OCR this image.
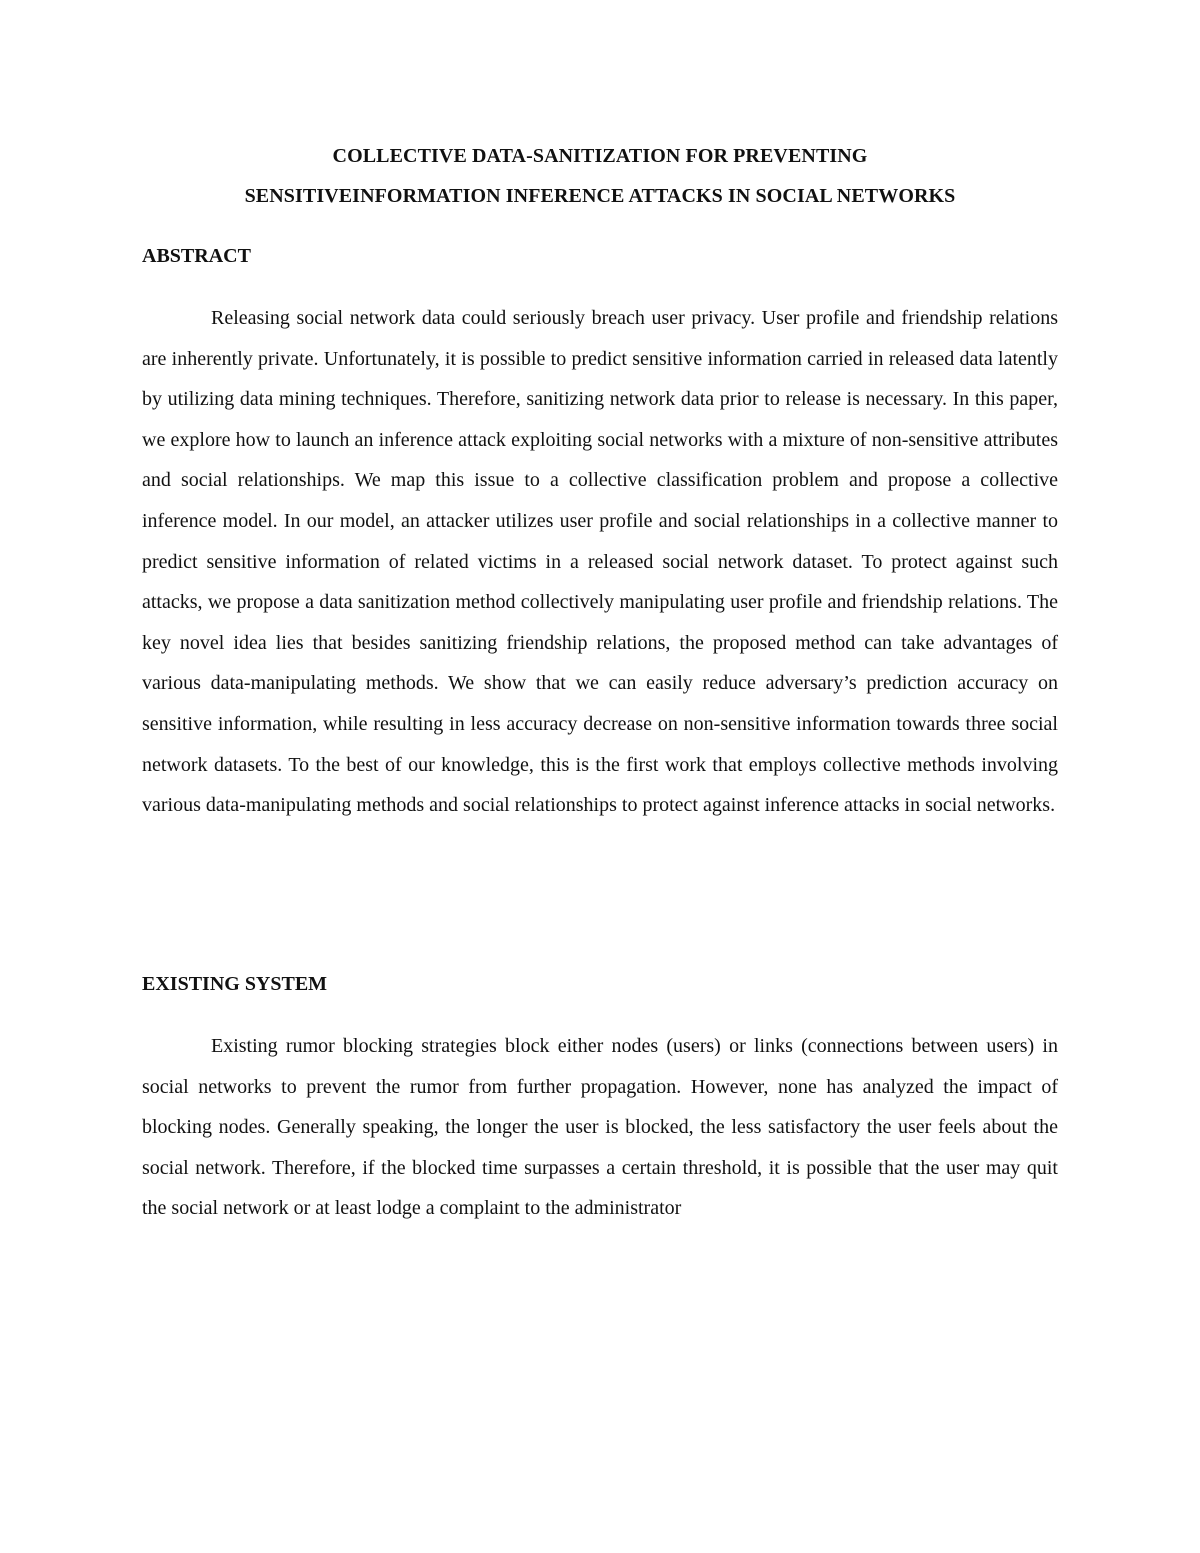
COLLECTIVE DATA-SANITIZATION FOR PREVENTING
SENSITIVEINFORMATION INFERENCE ATTACKS IN SOCIAL NETWORKS
ABSTRACT

Releasing social network data could seriously breach user privacy. User profile and friendship relations are inherently private. Unfortunately, it is possible to predict sensitive information carried in released data latently by utilizing data mining techniques. Therefore, sanitizing network data prior to release is necessary. In this paper, we explore how to launch an inference attack exploiting social networks with a mixture of non-sensitive attributes and social relationships. We map this issue to a collective classification problem and propose a collective inference model. In our model, an attacker utilizes user profile and social relationships in a collective manner to predict sensitive information of related victims in a released social network dataset. To protect against such attacks, we propose a data sanitization method collectively manipulating user profile and friendship relations. The key novel idea lies that besides sanitizing friendship relations, the proposed method can take advantages of various data-manipulating methods. We show that we can easily reduce adversary’s prediction accuracy on sensitive information, while resulting in less accuracy decrease on non-sensitive information towards three social network datasets. To the best of our knowledge, this is the first work that employs collective methods involving various data-manipulating methods and social relationships to protect against inference attacks in social networks.

EXISTING SYSTEM

Existing rumor blocking strategies block either nodes (users) or links (connections between users) in social networks to prevent the rumor from further propagation. However, none has analyzed the impact of blocking nodes. Generally speaking, the longer the user is blocked, the less satisfactory the user feels about the social network. Therefore, if the blocked time surpasses a certain threshold, it is possible that the user may quit the social network or at least lodge a complaint to the administrator
